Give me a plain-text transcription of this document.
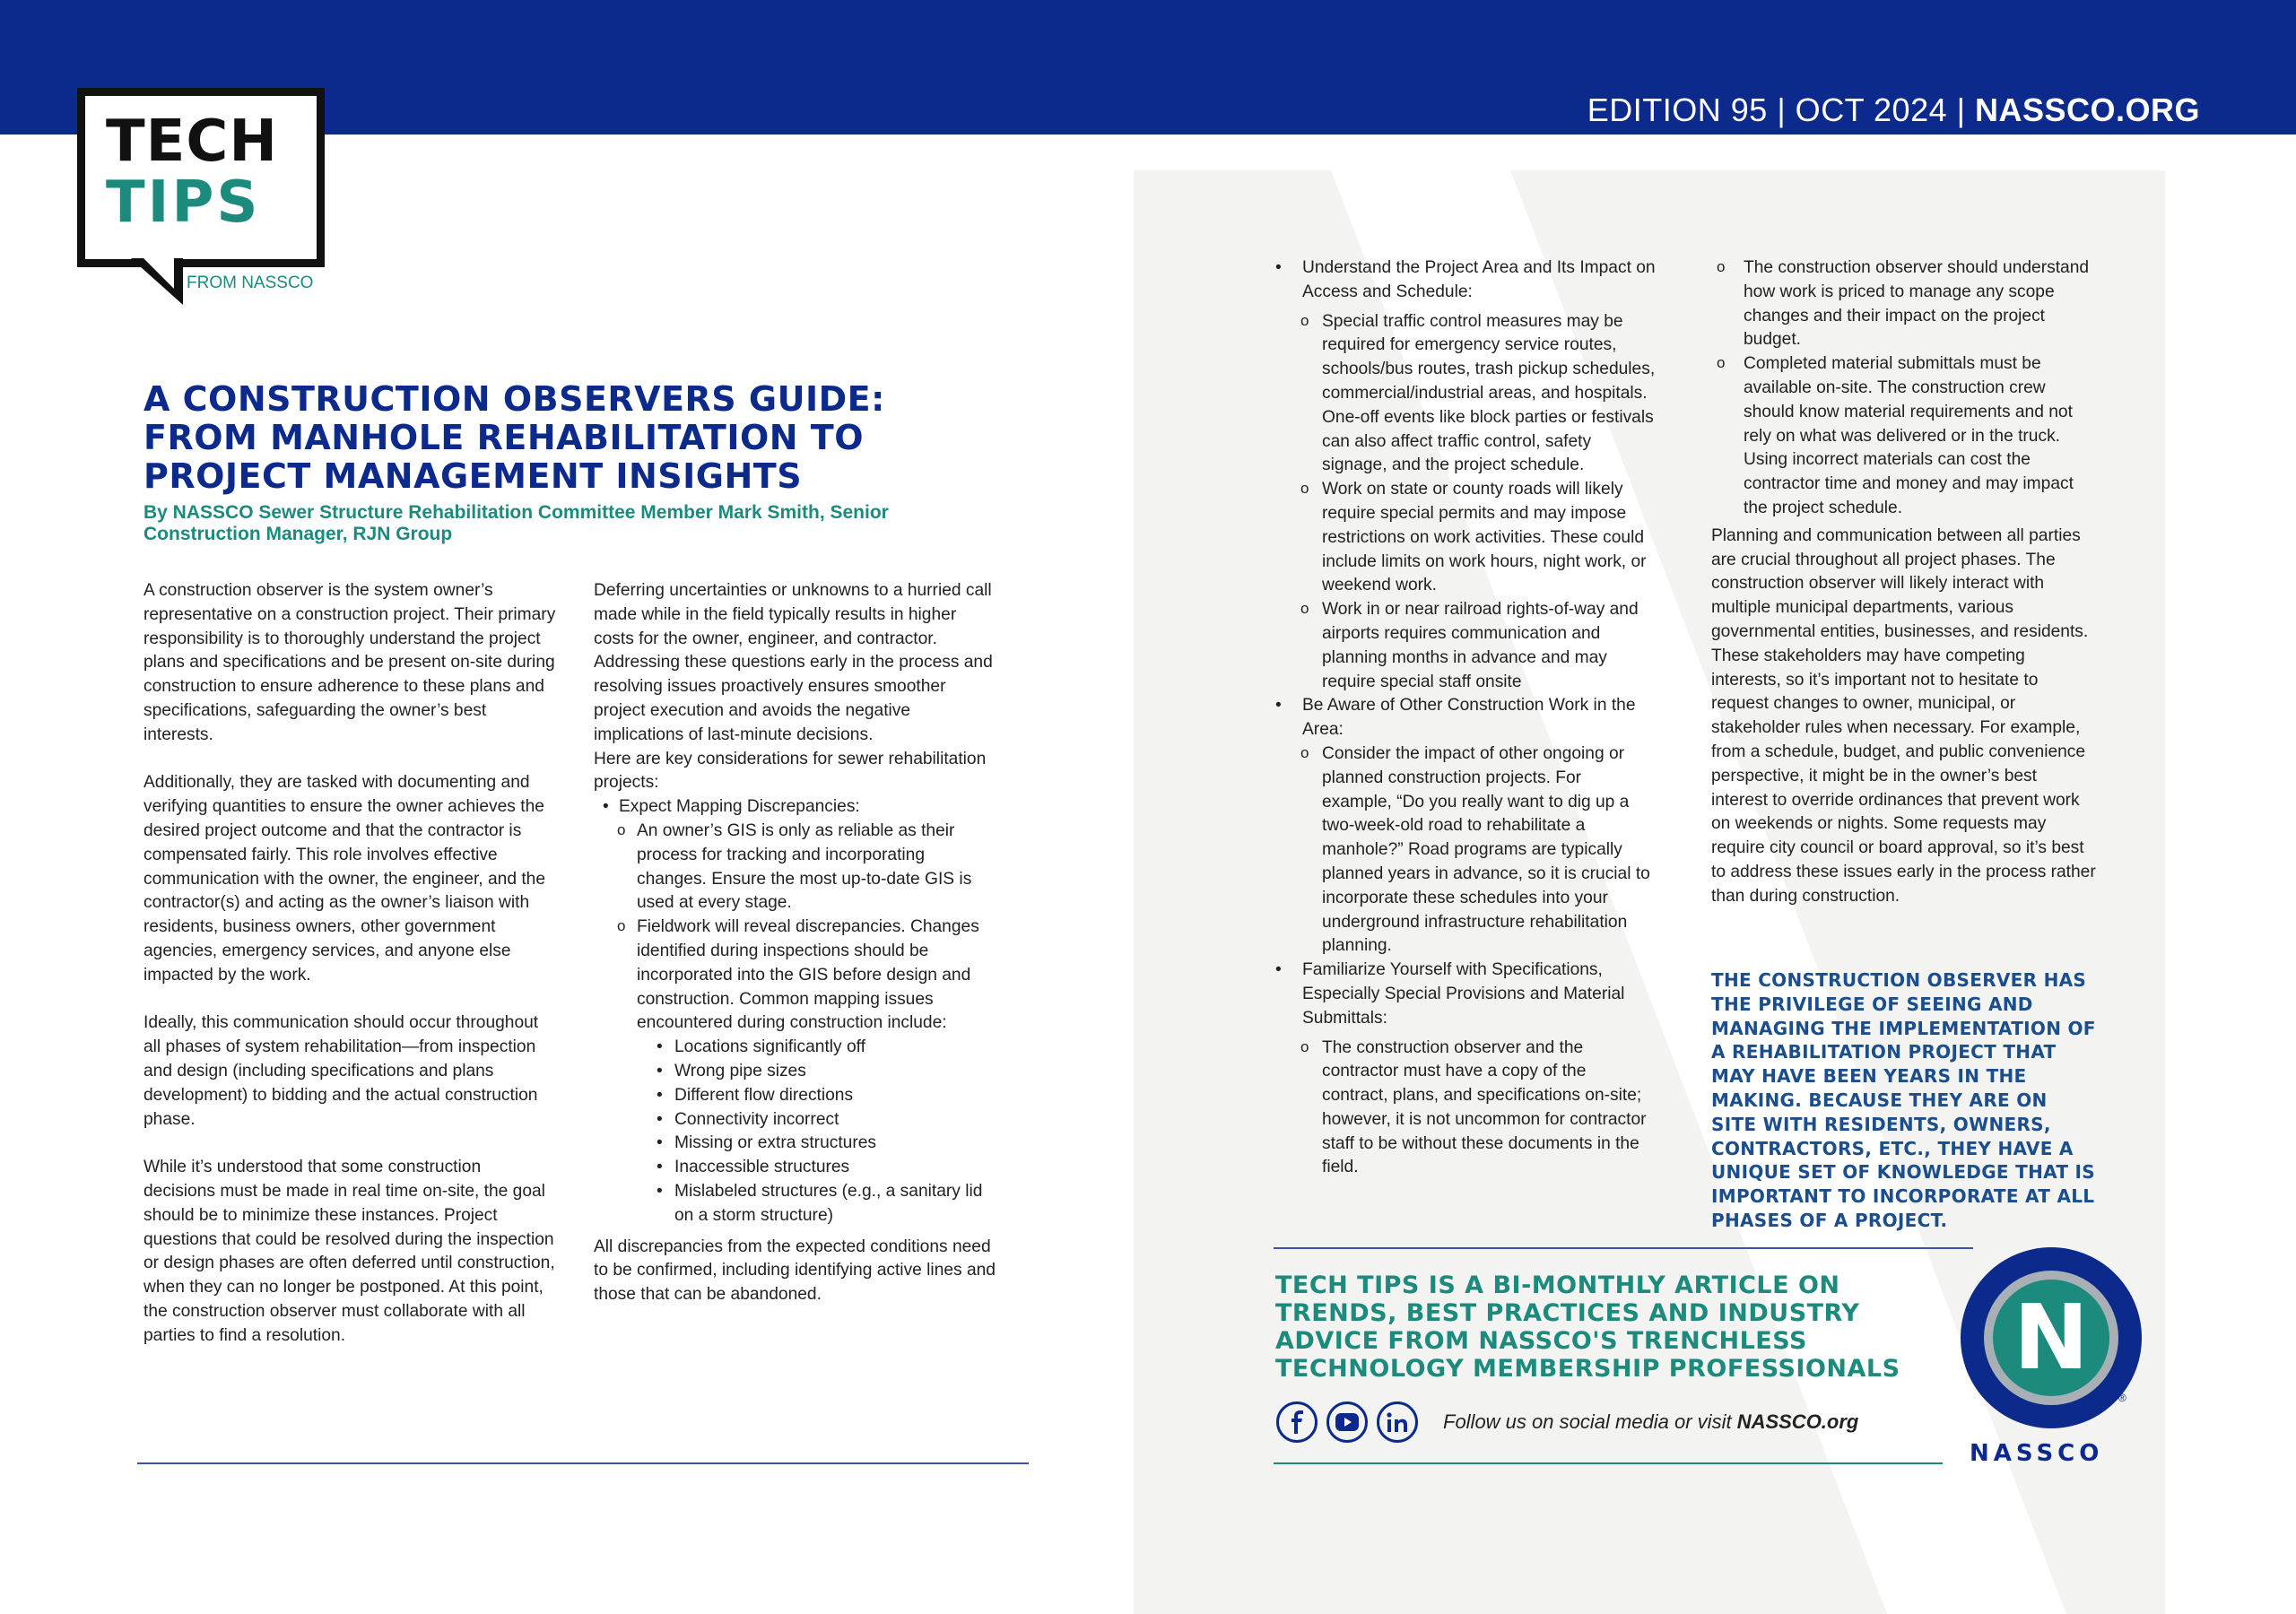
EDITION 95 | OCT 2024 | NASSCO.ORG
TECH
TIPS
FROM NASSCO
A CONSTRUCTION OBSERVERS GUIDE:
FROM MANHOLE REHABILITATION TO
PROJECT MANAGEMENT INSIGHTS
By NASSCO Sewer Structure Rehabilitation Committee Member Mark Smith, Senior Construction Manager, RJN Group

A construction observer is the system owner’s representative on a construction project. Their primary responsibility is to thoroughly understand the project plans and specifications and be present on-site during construction to ensure adherence to these plans and specifications, safeguarding the owner’s best interests.

Additionally, they are tasked with documenting and verifying quantities to ensure the owner achieves the desired project outcome and that the contractor is compensated fairly. This role involves effective communication with the owner, the engineer, and the contractor(s) and acting as the owner’s liaison with residents, business owners, other government agencies, emergency services, and anyone else impacted by the work.

Ideally, this communication should occur throughout all phases of system rehabilitation—from inspection and design (including specifications and plans development) to bidding and the actual construction phase.

While it’s understood that some construction decisions must be made in real time on-site, the goal should be to minimize these instances. Project questions that could be resolved during the inspection or design phases are often deferred until construction, when they can no longer be postponed. At this point, the construction observer must collaborate with all parties to find a resolution.

Deferring uncertainties or unknowns to a hurried call made while in the field typically results in higher costs for the owner, engineer, and contractor. Addressing these questions early in the process and resolving issues proactively ensures smoother project execution and avoids the negative implications of last-minute decisions.

Here are key considerations for sewer rehabilitation projects:

• Expect Mapping Discrepancies:
o An owner’s GIS is only as reliable as their process for tracking and incorporating changes. Ensure the most up-to-date GIS is used at every stage.
o Fieldwork will reveal discrepancies. Changes identified during inspections should be incorporated into the GIS before design and construction. Common mapping issues encountered during construction include:
• Locations significantly off
• Wrong pipe sizes
• Different flow directions
• Connectivity incorrect
• Missing or extra structures
• Inaccessible structures
• Mislabeled structures (e.g., a sanitary lid on a storm structure)

All discrepancies from the expected conditions need to be confirmed, including identifying active lines and those that can be abandoned.

• Understand the Project Area and Its Impact on Access and Schedule:
o Special traffic control measures may be required for emergency service routes, schools/bus routes, trash pickup schedules, commercial/industrial areas, and hospitals. One-off events like block parties or festivals can also affect traffic control, safety signage, and the project schedule.
o Work on state or county roads will likely require special permits and may impose restrictions on work activities. These could include limits on work hours, night work, or weekend work.
o Work in or near railroad rights-of-way and airports requires communication and planning months in advance and may require special staff onsite
• Be Aware of Other Construction Work in the Area:
o Consider the impact of other ongoing or planned construction projects. For example, “Do you really want to dig up a two-week-old road to rehabilitate a manhole?” Road programs are typically planned years in advance, so it is crucial to incorporate these schedules into your underground infrastructure rehabilitation planning.
• Familiarize Yourself with Specifications, Especially Special Provisions and Material Submittals:
o The construction observer and the contractor must have a copy of the contract, plans, and specifications on-site; however, it is not uncommon for contractor staff to be without these documents in the field.
o The construction observer should understand how work is priced to manage any scope changes and their impact on the project budget.
o Completed material submittals must be available on-site. The construction crew should know material requirements and not rely on what was delivered or in the truck. Using incorrect materials can cost the contractor time and money and may impact the project schedule.

Planning and communication between all parties are crucial throughout all project phases. The construction observer will likely interact with multiple municipal departments, various governmental entities, businesses, and residents. These stakeholders may have competing interests, so it’s important not to hesitate to request changes to owner, municipal, or stakeholder rules when necessary. For example, from a schedule, budget, and public convenience perspective, it might be in the owner’s best interest to override ordinances that prevent work on weekends or nights. Some requests may require city council or board approval, so it’s best to address these issues early in the process rather than during construction.

THE CONSTRUCTION OBSERVER HAS THE PRIVILEGE OF SEEING AND MANAGING THE IMPLEMENTATION OF A REHABILITATION PROJECT THAT MAY HAVE BEEN YEARS IN THE MAKING. BECAUSE THEY ARE ON SITE WITH RESIDENTS, OWNERS, CONTRACTORS, ETC., THEY HAVE A UNIQUE SET OF KNOWLEDGE THAT IS IMPORTANT TO INCORPORATE AT ALL PHASES OF A PROJECT.
TECH TIPS IS A BI-MONTHLY ARTICLE ON
TRENDS, BEST PRACTICES AND INDUSTRY
ADVICE FROM NASSCO'S TRENCHLESS
TECHNOLOGY MEMBERSHIP PROFESSIONALS
Follow us on social media or visit NASSCO.org
N
®
NASSCO
